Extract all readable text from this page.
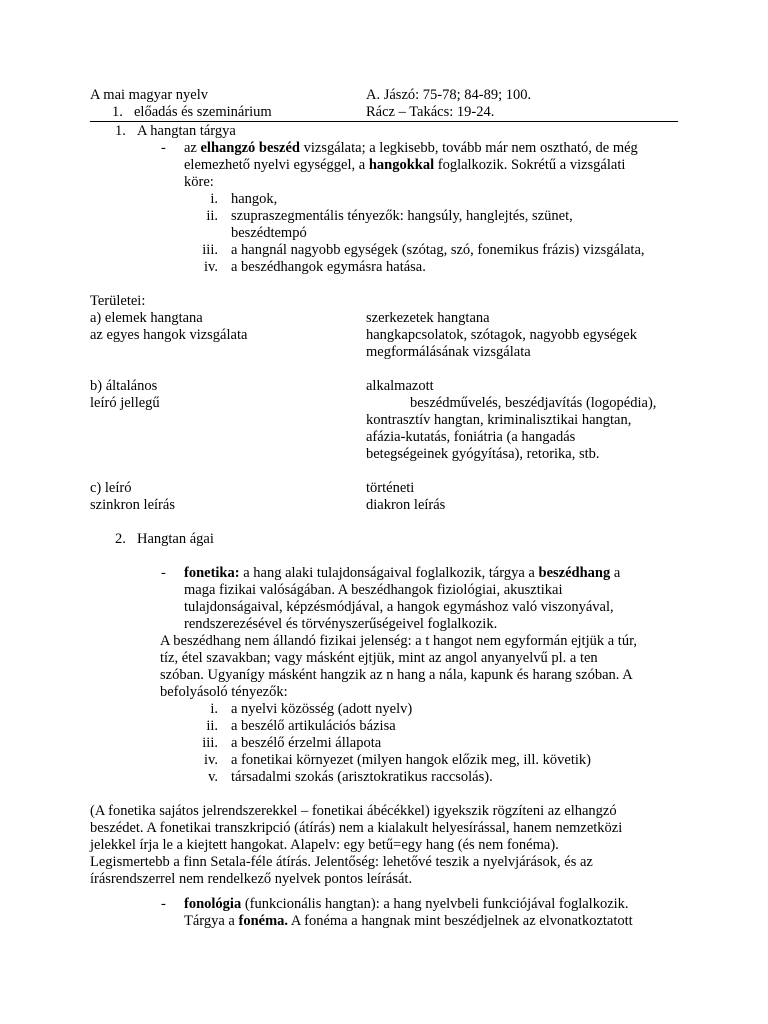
A mai magyar nyelv
1. előadás és szeminárium
A. Jászó: 75-78; 84-89; 100.
Rácz – Takács: 19-24.
1. A hangtan tárgya
- az elhangzó beszéd vizsgálata; a legkisebb, tovább már nem osztható, de még
elemezhető nyelvi egységgel, a hangokkal foglalkozik. Sokrétű a vizsgálati
köre:
i. hangok,
ii. szupraszegmentális tényezők: hangsúly, hanglejtés, szünet,
beszédtempó
iii. a hangnál nagyobb egységek (szótag, szó, fonemikus frázis) vizsgálata,
iv. a beszédhangok egymásra hatása.
Területei:
a) elemek hangtana
az egyes hangok vizsgálata
szerkezetek hangtana
hangkapcsolatok, szótagok, nagyobb egységek
megformálásának vizsgálata
b) általános
leíró jellegű
alkalmazott
beszédművelés, beszédjavítás (logopédia),
kontrasztív hangtan, kriminalisztikai hangtan,
afázia-kutatás, foniátria (a hangadás
betegségeinek gyógyítása), retorika, stb.
c) leíró
szinkron leírás
történeti
diakron leírás
2. Hangtan ágai
- fonetika: a hang alaki tulajdonságaival foglalkozik, tárgya a beszédhang a
maga fizikai valóságában. A beszédhangok fiziológiai, akusztikai
tulajdonságaival, képzésmódjával, a hangok egymáshoz való viszonyával,
rendszerezésével és törvényszerűségeivel foglalkozik.
A beszédhang nem állandó fizikai jelenség: a t hangot nem egyformán ejtjük a túr,
tíz, étel szavakban; vagy másként ejtjük, mint az angol anyanyelvű pl. a ten
szóban. Ugyanígy másként hangzik az n hang a nála, kapunk és harang szóban. A
befolyásoló tényezők:
i. a nyelvi közösség (adott nyelv)
ii. a beszélő artikulációs bázisa
iii. a beszélő érzelmi állapota
iv. a fonetikai környezet (milyen hangok előzik meg, ill. követik)
v. társadalmi szokás (arisztokratikus raccsolás).
(A fonetika sajátos jelrendszerekkel – fonetikai ábécékkel) igyekszik rögzíteni az elhangzó
beszédet. A fonetikai transzkripció (átírás) nem a kialakult helyesírással, hanem nemzetközi
jelekkel írja le a kiejtett hangokat. Alapelv: egy betű=egy hang (és nem fonéma).
Legismertebb a finn Setala-féle átírás. Jelentőség: lehetővé teszik a nyelvjárások, és az
írásrendszerrel nem rendelkező nyelvek pontos leírását.
- fonológia (funkcionális hangtan): a hang nyelvbeli funkciójával foglalkozik.
Tárgya a fonéma. A fonéma a hangnak mint beszédjelnek az elvonatkoztatott
